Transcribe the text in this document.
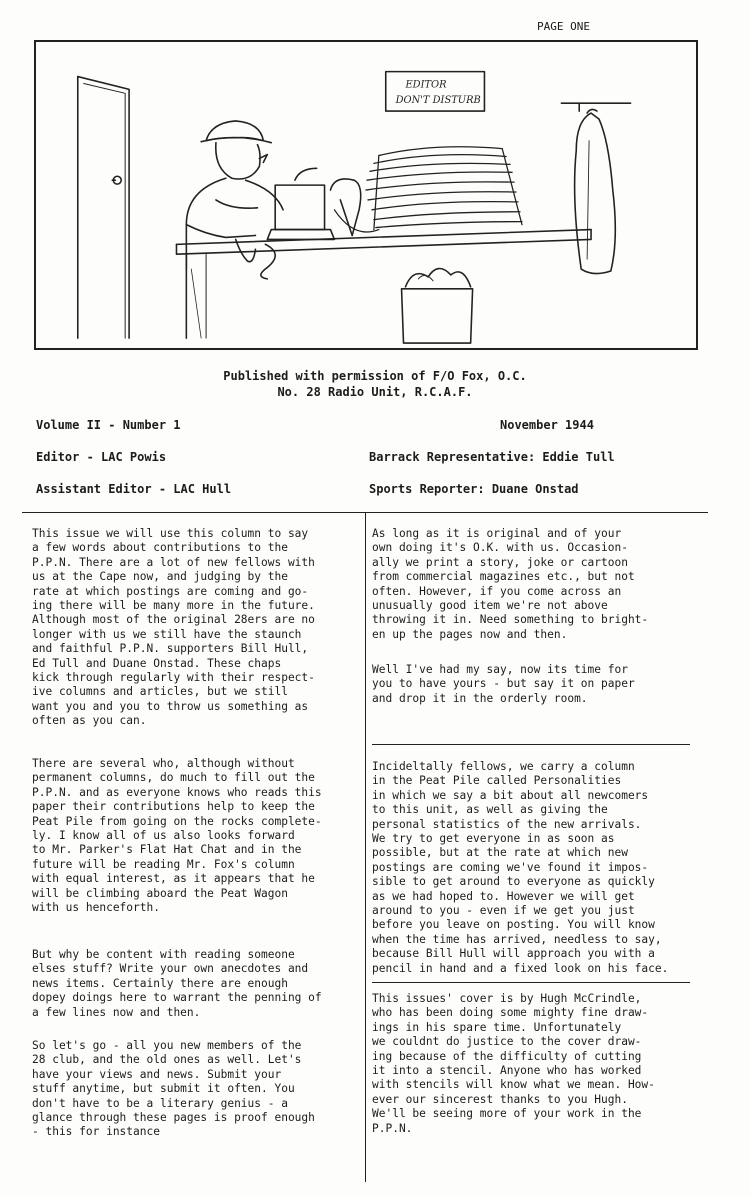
PAGE ONE
EDITOR
DON'T DISTURB
Published with permission of F/O Fox, O.C.
No. 28 Radio Unit, R.C.A.F.
Volume II - Number 1	November 1944
Editor - LAC Powis	Barrack Representative: Eddie Tull
Assistant Editor - LAC Hull	Sports Reporter: Duane Onstad

This issue we will use this column to say
a few words about contributions to the
P.P.N. There are a lot of new fellows with
us at the Cape now, and judging by the
rate at which postings are coming and go-
ing there will be many more in the future.
Although most of the original 28ers are no
longer with us we still have the staunch
and faithful P.P.N. supporters Bill Hull,
Ed Tull and Duane Onstad. These chaps
kick through regularly with their respect-
ive columns and articles, but we still
want you and you to throw us something as
often as you can.

There are several who, although without
permanent columns, do much to fill out the
P.P.N. and as everyone knows who reads this
paper their contributions help to keep the
Peat Pile from going on the rocks complete-
ly. I know all of us also looks forward
to Mr. Parker's Flat Hat Chat and in the
future will be reading Mr. Fox's column
with equal interest, as it appears that he
will be climbing aboard the Peat Wagon
with us henceforth.

But why be content with reading someone
elses stuff? Write your own anecdotes and
news items. Certainly there are enough
dopey doings here to warrant the penning of
a few lines now and then.

So let's go - all you new members of the
28 club, and the old ones as well. Let's
have your views and news. Submit your
stuff anytime, but submit it often. You
don't have to be a literary genius - a
glance through these pages is proof enough
- this for instance

As long as it is original and of your
own doing it's O.K. with us. Occasion-
ally we print a story, joke or cartoon
from commercial magazines etc., but not
often. However, if you come across an
unusually good item we're not above
throwing it in. Need something to bright-
en up the pages now and then.

Well I've had my say, now its time for
you to have yours - but say it on paper
and drop it in the orderly room.

Incideltally fellows, we carry a column
in the Peat Pile called Personalities
in which we say a bit about all newcomers
to this unit, as well as giving the
personal statistics of the new arrivals.
We try to get everyone in as soon as
possible, but at the rate at which new
postings are coming we've found it impos-
sible to get around to everyone as quickly
as we had hoped to. However we will get
around to you - even if we get you just
before you leave on posting. You will know
when the time has arrived, needless to say,
because Bill Hull will approach you with a
pencil in hand and a fixed look on his face.

This issues' cover is by Hugh McCrindle,
who has been doing some mighty fine draw-
ings in his spare time. Unfortunately
we couldnt do justice to the cover draw-
ing because of the difficulty of cutting
it into a stencil. Anyone who has worked
with stencils will know what we mean. How-
ever our sincerest thanks to you Hugh.
We'll be seeing more of your work in the
P.P.N.
